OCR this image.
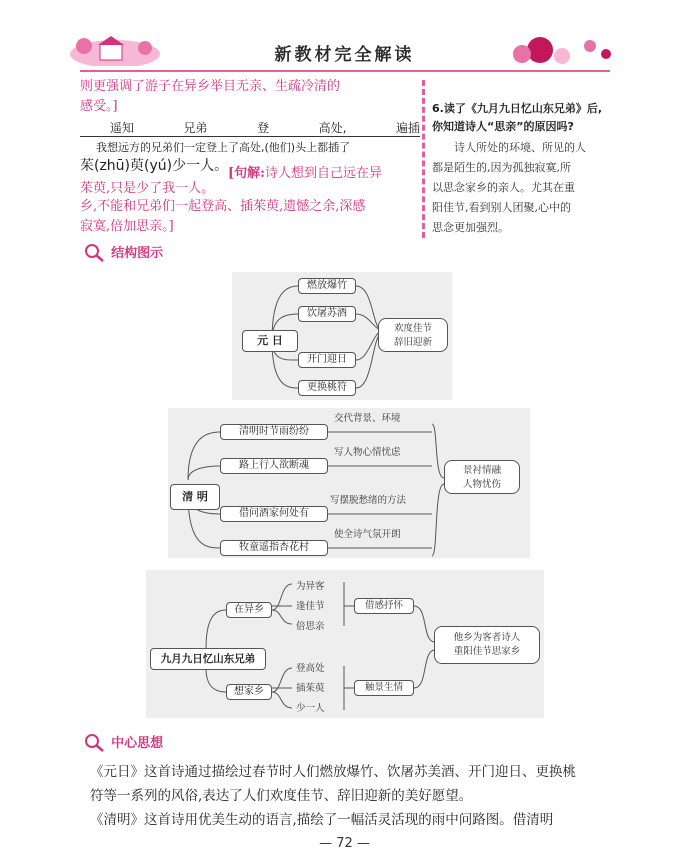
新教材完全解读
则更强调了游子在异乡举目无亲、生疏冷清的
感受。]
遥知	兄弟	登	高处,	遍插
我想远方的兄弟们一定登上了高处,(他们)头上都插了
茱(zhū)萸(yú)少一人。 [句解:诗人想到自己远在异
茱萸,只是少了我一人。
乡,不能和兄弟们一起登高、插茱萸,遗憾之余,深感
寂寞,倍加思亲。]
6.读了《九月九日忆山东兄弟》后,
你知道诗人“思亲”的原因吗?
诗人所处的环境、所见的人
都是陌生的,因为孤独寂寞,所
以思念家乡的亲人。尤其在重
阳佳节,看到别人团聚,心中的
思念更加强烈。
结构图示
元 日
燃放爆竹
饮屠苏酒
开门迎日
更换桃符
欢度佳节
辞旧迎新
清 明
清明时节雨纷纷
路上行人欲断魂
借问酒家何处有
牧童遥指杏花村
交代背景、环境
写人物心情忧虑
写摆脱愁绪的方法
使全诗气氛开朗
景衬情融
人物忧伤
九月九日忆山东兄弟
在异乡
想家乡
为异客
逢佳节
倍思亲
登高处
插茱萸
少一人
借感抒怀
触景生情
他乡为客者诗人
重阳佳节思家乡
中心思想
《元日》这首诗通过描绘过春节时人们燃放爆竹、饮屠苏美酒、开门迎日、更换桃
符等一系列的风俗,表达了人们欢度佳节、辞旧迎新的美好愿望。
《清明》这首诗用优美生动的语言,描绘了一幅活灵活现的雨中问路图。借清明
— 72 —
